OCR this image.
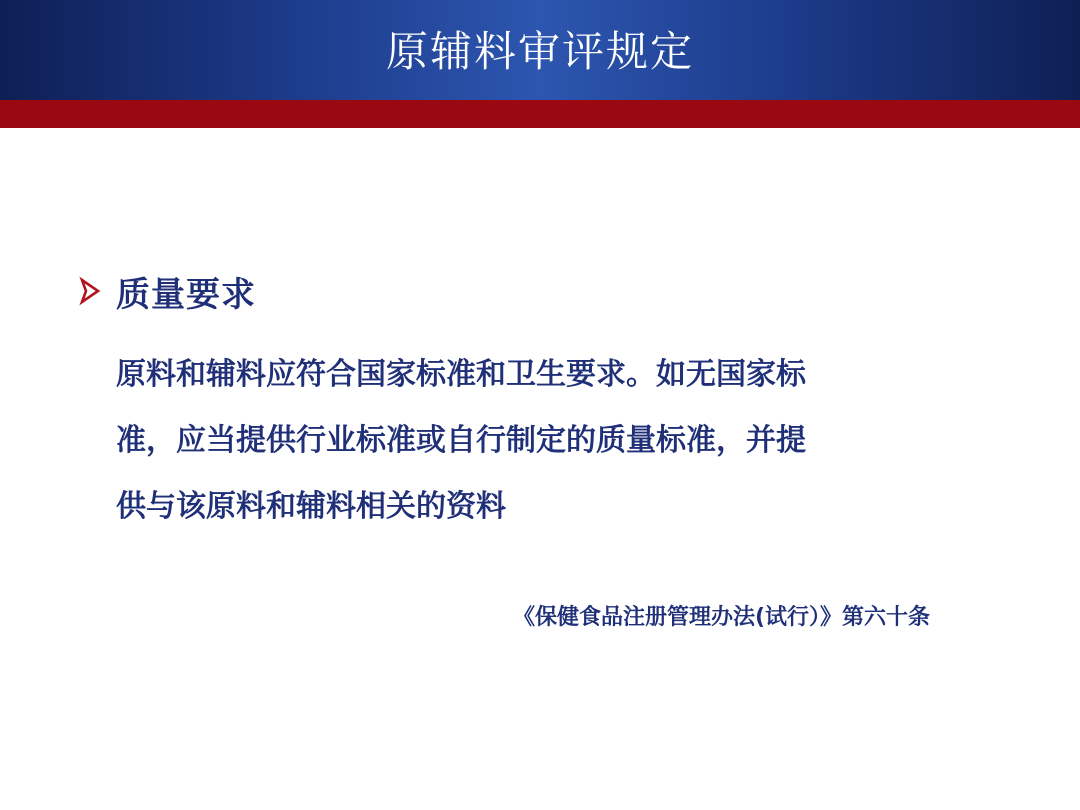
原辅料审评规定
质量要求
原料和辅料应符合国家标准和卫生要求。如无国家标
准，应当提供行业标准或自行制定的质量标准，并提
供与该原料和辅料相关的资料
《保健食品注册管理办法(试行）》第六十条
